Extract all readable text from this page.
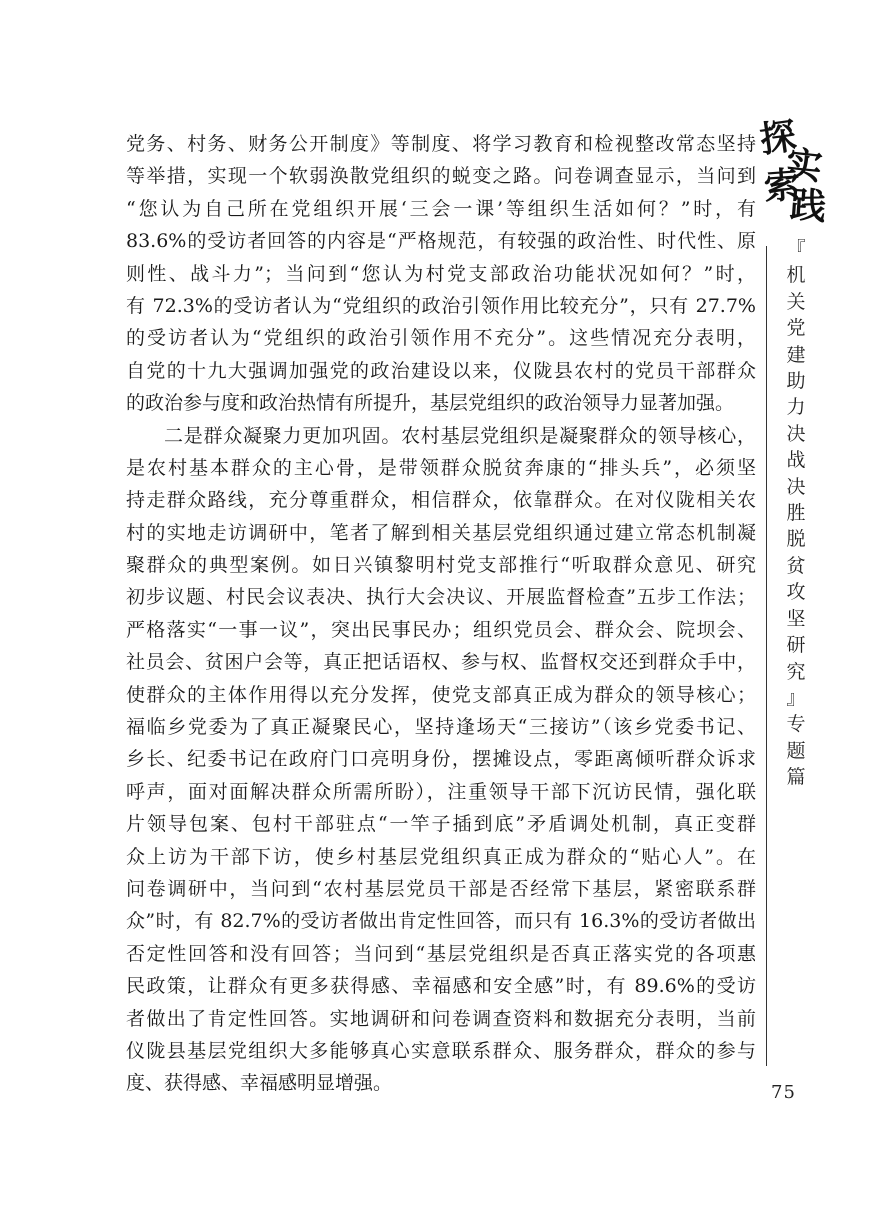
党务、村务、财务公开制度》等制度、将学习教育和检视整改常态坚持
等举措，实现一个软弱涣散党组织的蜕变之路。问卷调查显示，当问到
“您认为自己所在党组织开展‘三会一课’等组织生活如何？”时，有
83.6%的受访者回答的内容是“严格规范，有较强的政治性、时代性、原
则性、战斗力”；当问到“您认为村党支部政治功能状况如何？”时，
有 72.3%的受访者认为“党组织的政治引领作用比较充分”，只有 27.7%
的受访者认为“党组织的政治引领作用不充分”。这些情况充分表明，
自党的十九大强调加强党的政治建设以来，仪陇县农村的党员干部群众
的政治参与度和政治热情有所提升，基层党组织的政治领导力显著加强。
二是群众凝聚力更加巩固。农村基层党组织是凝聚群众的领导核心，
是农村基本群众的主心骨，是带领群众脱贫奔康的“排头兵”，必须坚
持走群众路线，充分尊重群众，相信群众，依靠群众。在对仪陇相关农
村的实地走访调研中，笔者了解到相关基层党组织通过建立常态机制凝
聚群众的典型案例。如日兴镇黎明村党支部推行“听取群众意见、研究
初步议题、村民会议表决、执行大会决议、开展监督检查”五步工作法；
严格落实“一事一议”，突出民事民办；组织党员会、群众会、院坝会、
社员会、贫困户会等，真正把话语权、参与权、监督权交还到群众手中，
使群众的主体作用得以充分发挥，使党支部真正成为群众的领导核心；
福临乡党委为了真正凝聚民心，坚持逢场天“三接访”（该乡党委书记、
乡长、纪委书记在政府门口亮明身份，摆摊设点，零距离倾听群众诉求
呼声，面对面解决群众所需所盼），注重领导干部下沉访民情，强化联
片领导包案、包村干部驻点“一竿子插到底”矛盾调处机制，真正变群
众上访为干部下访，使乡村基层党组织真正成为群众的“贴心人”。在
问卷调研中，当问到“农村基层党员干部是否经常下基层，紧密联系群
众”时，有 82.7%的受访者做出肯定性回答，而只有 16.3%的受访者做出
否定性回答和没有回答；当问到“基层党组织是否真正落实党的各项惠
民政策，让群众有更多获得感、幸福感和安全感”时，有 89.6%的受访
者做出了肯定性回答。实地调研和问卷调查资料和数据充分表明，当前
仪陇县基层党组织大多能够真心实意联系群众、服务群众，群众的参与
度、获得感、幸福感明显增强。
探
实
索
践
『
机
关
党
建
助
力
决
战
决
胜
脱
贫
攻
坚
研
究
』
专
题
篇
75
